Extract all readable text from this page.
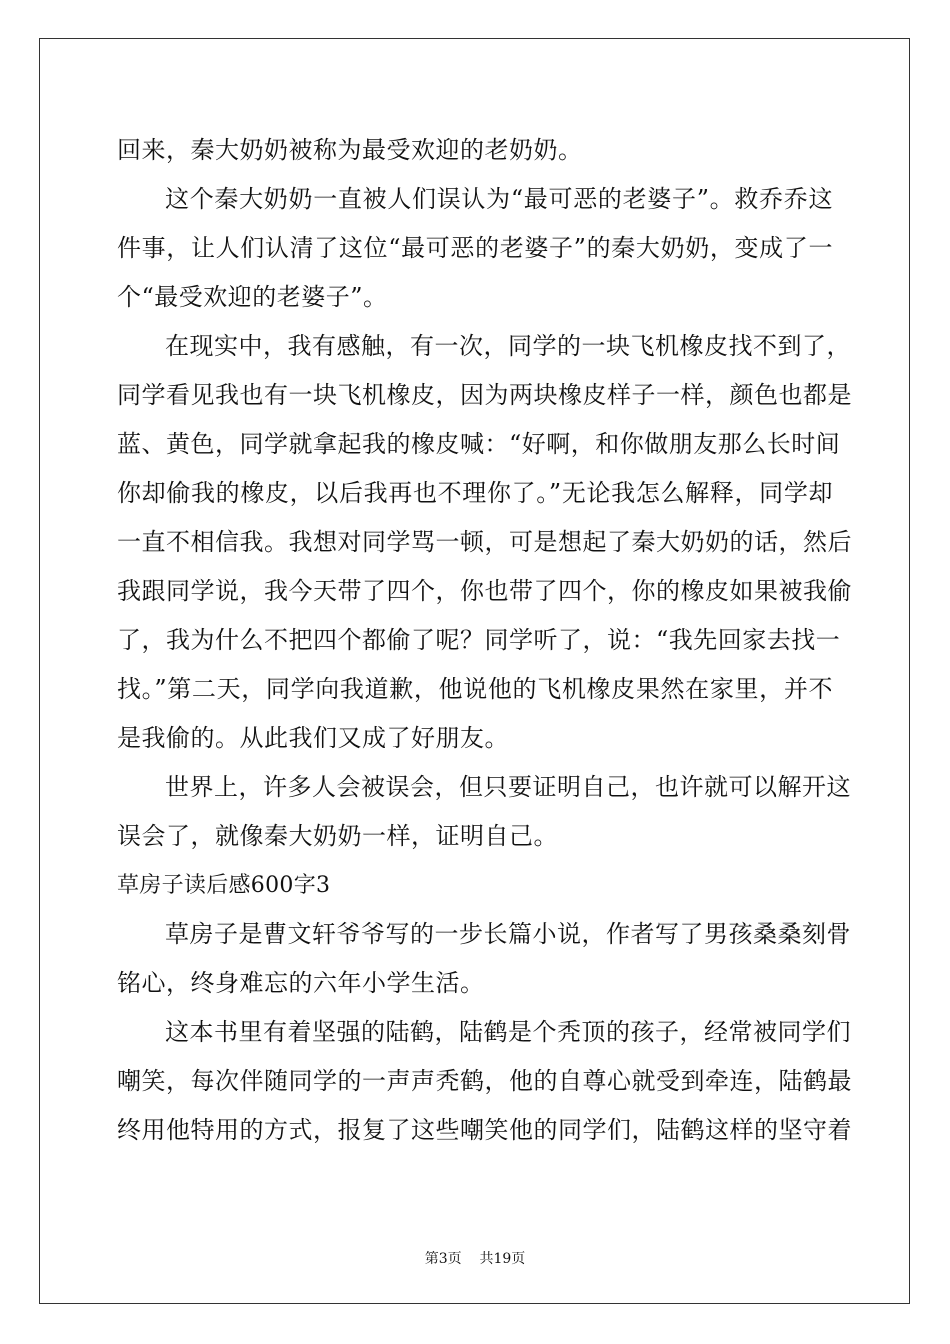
回来，秦大奶奶被称为最受欢迎的老奶奶。
这个秦大奶奶一直被人们误认为“最可恶的老婆子”。救乔乔这
件事，让人们认清了这位“最可恶的老婆子”的秦大奶奶，变成了一
个“最受欢迎的老婆子”。
在现实中，我有感触，有一次，同学的一块飞机橡皮找不到了，
同学看见我也有一块飞机橡皮，因为两块橡皮样子一样，颜色也都是
蓝、黄色，同学就拿起我的橡皮喊：“好啊，和你做朋友那么长时间
你却偷我的橡皮，以后我再也不理你了。”无论我怎么解释，同学却
一直不相信我。我想对同学骂一顿，可是想起了秦大奶奶的话，然后
我跟同学说，我今天带了四个，你也带了四个，你的橡皮如果被我偷
了，我为什么不把四个都偷了呢？同学听了，说：“我先回家去找一
找。”第二天，同学向我道歉，他说他的飞机橡皮果然在家里，并不
是我偷的。从此我们又成了好朋友。
世界上，许多人会被误会，但只要证明自己，也许就可以解开这
误会了，就像秦大奶奶一样，证明自己。
草房子读后感600字3
草房子是曹文轩爷爷写的一步长篇小说，作者写了男孩桑桑刻骨
铭心，终身难忘的六年小学生活。
这本书里有着坚强的陆鹤，陆鹤是个秃顶的孩子，经常被同学们
嘲笑，每次伴随同学的一声声秃鹤，他的自尊心就受到牵连，陆鹤最
终用他特用的方式，报复了这些嘲笑他的同学们，陆鹤这样的坚守着
第3页 共19页
